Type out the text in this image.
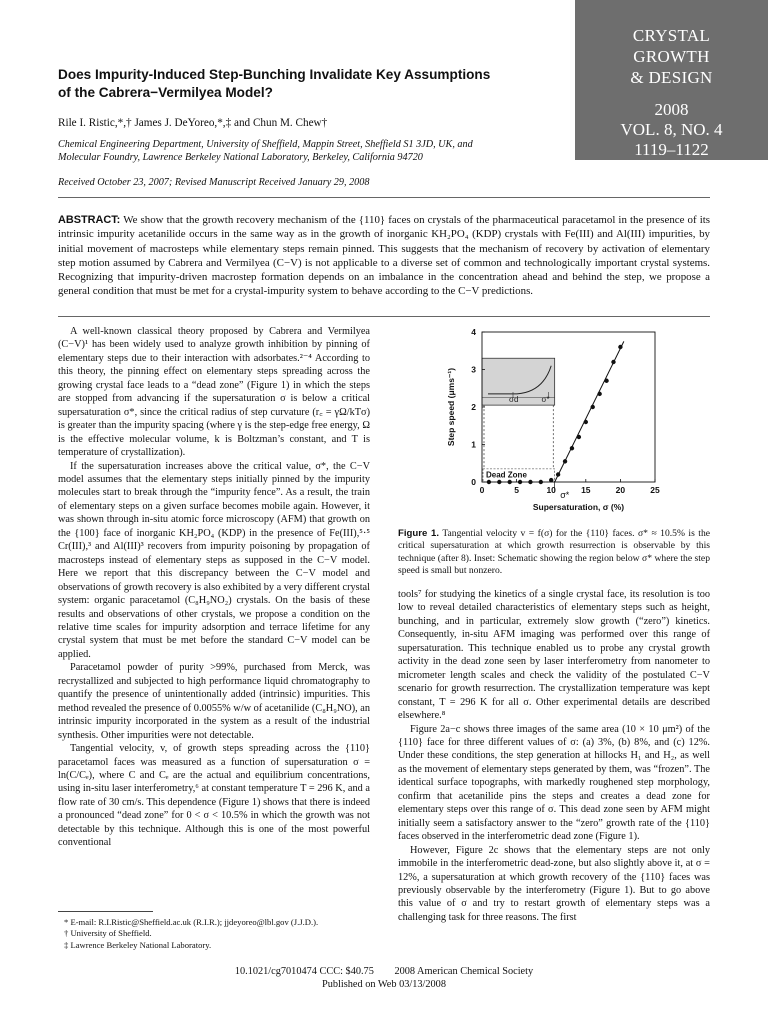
CRYSTAL
GROWTH
& DESIGN
2008
VOL. 8, NO. 4
1119–1122
Does Impurity-Induced Step-Bunching Invalidate Key Assumptions
of the Cabrera−Vermilyea Model?
Rile I. Ristic,*,† James J. DeYoreo,*,‡ and Chun M. Chew†
Chemical Engineering Department, University of Sheffield, Mappin Street, Sheffield S1 3JD, UK, and
Molecular Foundry, Lawrence Berkeley National Laboratory, Berkeley, California 94720
Received October 23, 2007; Revised Manuscript Received January 29, 2008
ABSTRACT: We show that the growth recovery mechanism of the {110} faces on crystals of the pharmaceutical paracetamol in the presence of its intrinsic impurity acetanilide occurs in the same way as in the growth of inorganic KH₂PO₄ (KDP) crystals with Fe(III) and Al(III) impurities, by initial movement of macrosteps while elementary steps remain pinned. This suggests that the mechanism of recovery by activation of elementary step motion assumed by Cabrera and Vermilyea (C−V) is not applicable to a diverse set of common and technologically important crystal systems. Recognizing that impurity-driven macrostep formation depends on an imbalance in the concentration ahead and behind the step, we propose a general condition that must be met for a crystal-impurity system to behave according to the C−V predictions.

A well-known classical theory proposed by Cabrera and Vermilyea (C−V)¹ has been widely used to analyze growth inhibition by pinning of elementary steps due to their interaction with adsorbates.²⁻⁴ According to this theory, the pinning effect on elementary steps spreading across the growing crystal face leads to a “dead zone” (Figure 1) in which the steps are stopped from advancing if the supersaturation σ is below a critical supersaturation σ*, since the critical radius of step curvature (r꜀ = γΩ/kTσ) is greater than the impurity spacing (where γ is the step-edge free energy, Ω is the effective molecular volume, k is Boltzman’s constant, and T is temperature of crystallization).

If the supersaturation increases above the critical value, σ*, the C−V model assumes that the elementary steps initially pinned by the impurity molecules start to break through the “impurity fence”. As a result, the train of elementary steps on a given surface becomes mobile again. However, it was shown through in-situ atomic force microscopy (AFM) that growth on the {100} face of inorganic KH₂PO₄ (KDP) in the presence of Fe(III),⁵⋅⁵ Cr(III),³ and Al(III)³ recovers from impurity poisoning by propagation of macrosteps instead of elementary steps as supposed in the C−V model. Here we report that this discrepancy between the C−V model and observations of growth recovery is also exhibited by a very different crystal system: organic paracetamol (C₈H₉NO₂) crystals. On the basis of these results and observations of other crystals, we propose a condition on the relative time scales for impurity adsorption and terrace lifetime for any crystal system that must be met before the standard C−V model can be applied.

Paracetamol powder of purity >99%, purchased from Merck, was recrystallized and subjected to high performance liquid chromatography to quantify the presence of unintentionally added (intrinsic) impurities. This method revealed the presence of 0.0055% w/w of acetanilide (C₈H₉NO), an intrinsic impurity incorporated in the system as a result of the industrial synthesis. Other impurities were not detectable.

Tangential velocity, v, of growth steps spreading across the {110} paracetamol faces was measured as a function of supersaturation σ = ln(C/Cₑ), where C and Cₑ are the actual and equilibrium concentrations, using in-situ laser interferometry,⁶ at constant temperature T = 296 K, and a flow rate of 30 cm/s. This dependence (Figure 1) shows that there is indeed a pronounced “dead zone” for 0 < σ < 10.5% in which the growth was not detectable by this technique. Although this is one of the most powerful conventional

σd	σ*
Dead Zone
0	5	10	15	20	25
0
1
2
3
4
σ*
Supersaturation, σ (%)
Step speed (μms⁻¹)
Figure 1. Tangential velocity v = f(σ) for the {110} faces. σ* ≈ 10.5% is the critical supersaturation at which growth resurrection is observable by this technique (after 8). Inset: Schematic showing the region below σ* where the step speed is small but nonzero.

tools⁷ for studying the kinetics of a single crystal face, its resolution is too low to reveal detailed characteristics of elementary steps such as height, bunching, and in particular, extremely slow growth (“zero”) kinetics. Consequently, in-situ AFM imaging was performed over this range of supersaturation. This technique enabled us to probe any crystal growth activity in the dead zone seen by laser interferometry from nanometer to micrometer length scales and check the validity of the postulated C−V scenario for growth resurrection. The crystallization temperature was kept constant, T = 296 K for all σ. Other experimental details are described elsewhere.⁸

Figure 2a−c shows three images of the same area (10 × 10 μm²) of the {110} face for three different values of σ: (a) 3%, (b) 8%, and (c) 12%. Under these conditions, the step generation at hillocks H₁ and H₂, as well as the movement of elementary steps generated by them, was “frozen”. The identical surface topographs, with markedly roughened step morphology, confirm that acetanilide pins the steps and creates a dead zone for elementary steps over this range of σ. This dead zone seen by AFM might initially seem a satisfactory answer to the “zero” growth rate of the {110} faces observed in the interferometric dead zone (Figure 1).

However, Figure 2c shows that the elementary steps are not only immobile in the interferometric dead-zone, but also slightly above it, at σ = 12%, a supersaturation at which growth recovery of the {110} faces was previously observable by the interferometry (Figure 1). But to go above this value of σ and try to restart growth of elementary steps was a challenging task for three reasons. The first

* E-mail: R.I.Ristic@Sheffield.ac.uk (R.I.R.); jjdeyoreo@lbl.gov (J.J.D.).
† University of Sheffield.
‡ Lawrence Berkeley National Laboratory.
10.1021/cg7010474 CCC: $40.75        2008 American Chemical Society
Published on Web 03/13/2008
